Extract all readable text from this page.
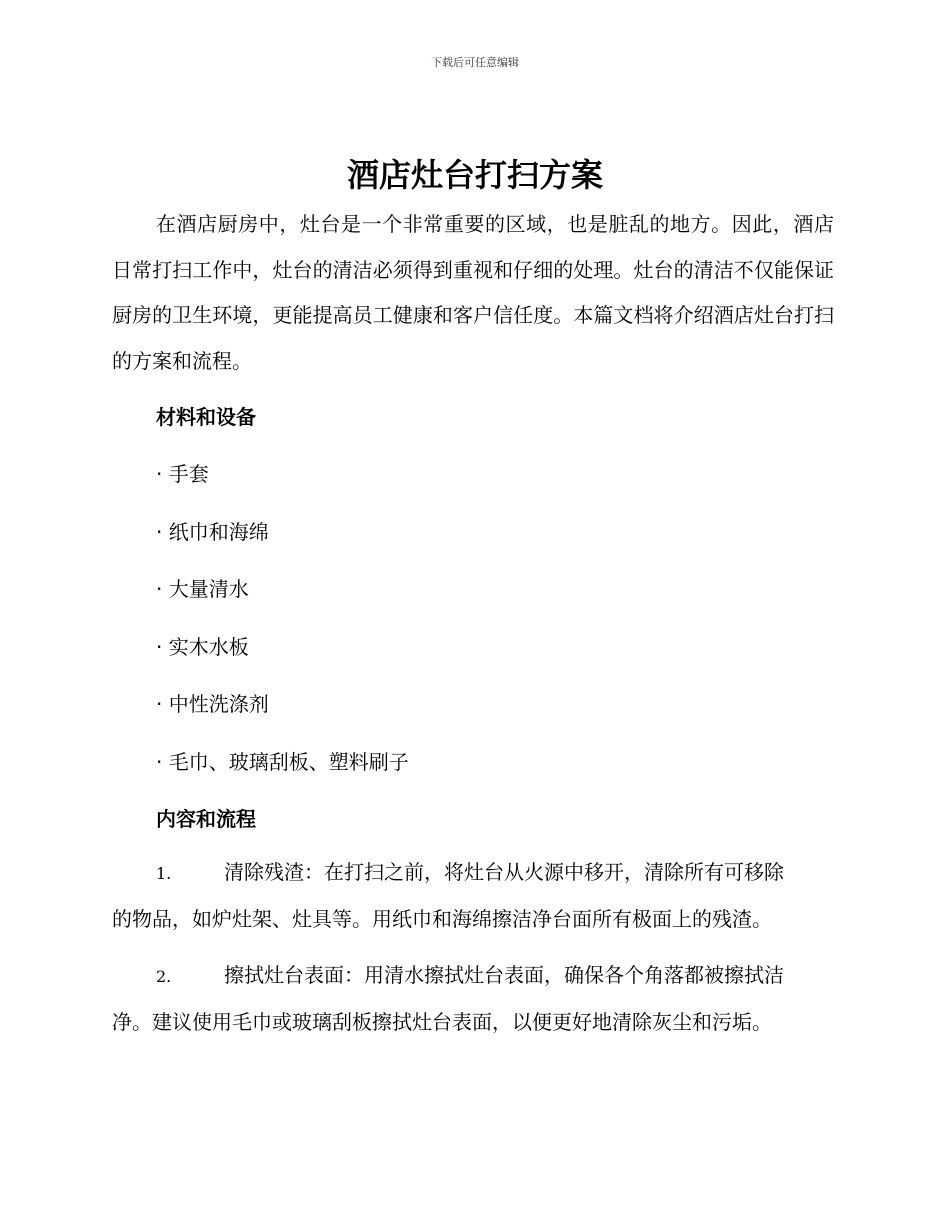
下载后可任意编辑
酒店灶台打扫方案

在酒店厨房中，灶台是一个非常重要的区域，也是脏乱的地方。因此，酒店日常打扫工作中，灶台的清洁必须得到重视和仔细的处理。灶台的清洁不仅能保证厨房的卫生环境，更能提高员工健康和客户信任度。本篇文档将介绍酒店灶台打扫的方案和流程。

材料和设备

· 手套

· 纸巾和海绵

· 大量清水

· 实木水板

· 中性洗涤剂

· 毛巾、玻璃刮板、塑料刷子

内容和流程

1.	清除残渣：在打扫之前，将灶台从火源中移开，清除所有可移除
的物品，如炉灶架、灶具等。用纸巾和海绵擦洁净台面所有极面上的残渣。
2.	擦拭灶台表面：用清水擦拭灶台表面，确保各个角落都被擦拭洁
净。建议使用毛巾或玻璃刮板擦拭灶台表面，以便更好地清除灰尘和污垢。
